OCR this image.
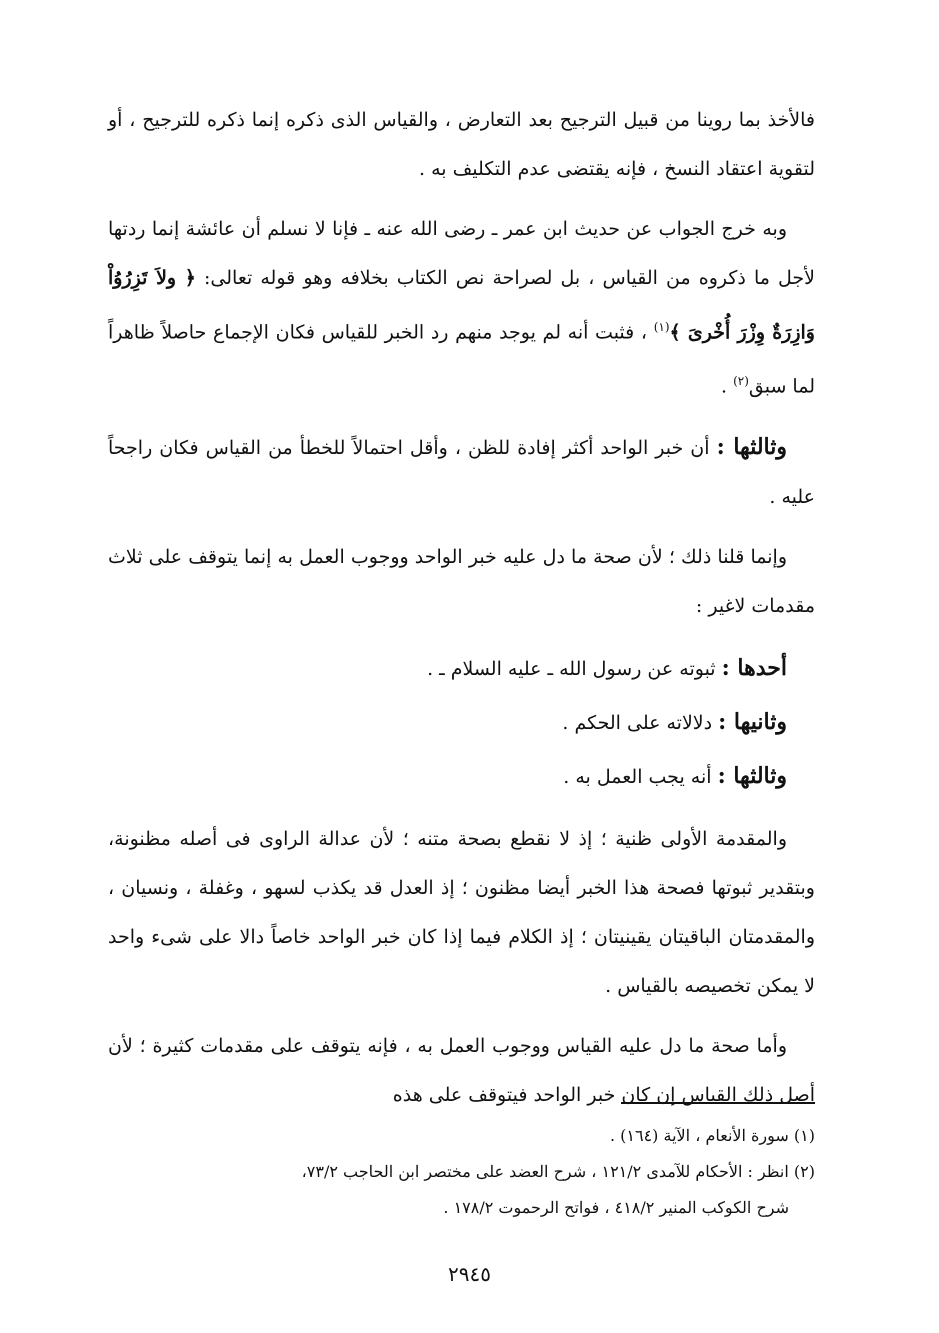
فالأخذ بما روينا من قبيل الترجيح بعد التعارض ، والقياس الذى ذكره إنما ذكره للترجيح ، أو لتقوية اعتقاد النسخ ، فإنه يقتضى عدم التكليف به .

وبه خرج الجواب عن حديث ابن عمر ـ رضى الله عنه ـ فإنا لا نسلم أن عائشة إنما ردتها لأجل ما ذكروه من القياس ، بل لصراحة نص الكتاب بخلافه وهو قوله تعالى: ﴿ ولاَ تَزِرُوُاْ وَازِرَةٌ وِزْرَ أُخْرىَ ﴾$^{(١)}$ ، فثبت أنه لم يوجد منهم رد الخبر للقياس فكان الإجماع حاصلاً ظاهراً لما سبق$^{(٢)}$ .

وثالثها : أن خبر الواحد أكثر إفادة للظن ، وأقل احتمالاً للخطأ من القياس فكان راجحاً عليه .

وإنما قلنا ذلك ؛ لأن صحة ما دل عليه خبر الواحد ووجوب العمل به إنما يتوقف على ثلاث مقدمات لاغير :

أحدها : ثبوته عن رسول الله ـ عليه السلام ـ .

وثانيها : دلالاته على الحكم .

وثالثها : أنه يجب العمل به .

والمقدمة الأولى ظنية ؛ إذ لا نقطع بصحة متنه ؛ لأن عدالة الراوى فى أصله مظنونة، وبتقدير ثبوتها فصحة هذا الخبر أيضا مظنون ؛ إذ العدل قد يكذب لسهو ، وغفلة ، ونسيان ، والمقدمتان الباقيتان يقينيتان ؛ إذ الكلام فيما إذا كان خبر الواحد خاصاً دالا على شىء واحد لا يمكن تخصيصه بالقياس .

وأما صحة ما دل عليه القياس ووجوب العمل به ، فإنه يتوقف على مقدمات كثيرة ؛ لأن أصل ذلك القياس إن كان خبر الواحد فيتوقف على هذه

(١) سورة الأنعام ، الآية (١٦٤) .

(٢) انظر : الأحكام للآمدى ١٢١/٢ ، شرح العضد على مختصر ابن الحاجب ٧٣/٢،
شرح الكوكب المنير ٤١٨/٢ ، فواتح الرحموت ١٧٨/٢ .

٢٩٤٥
